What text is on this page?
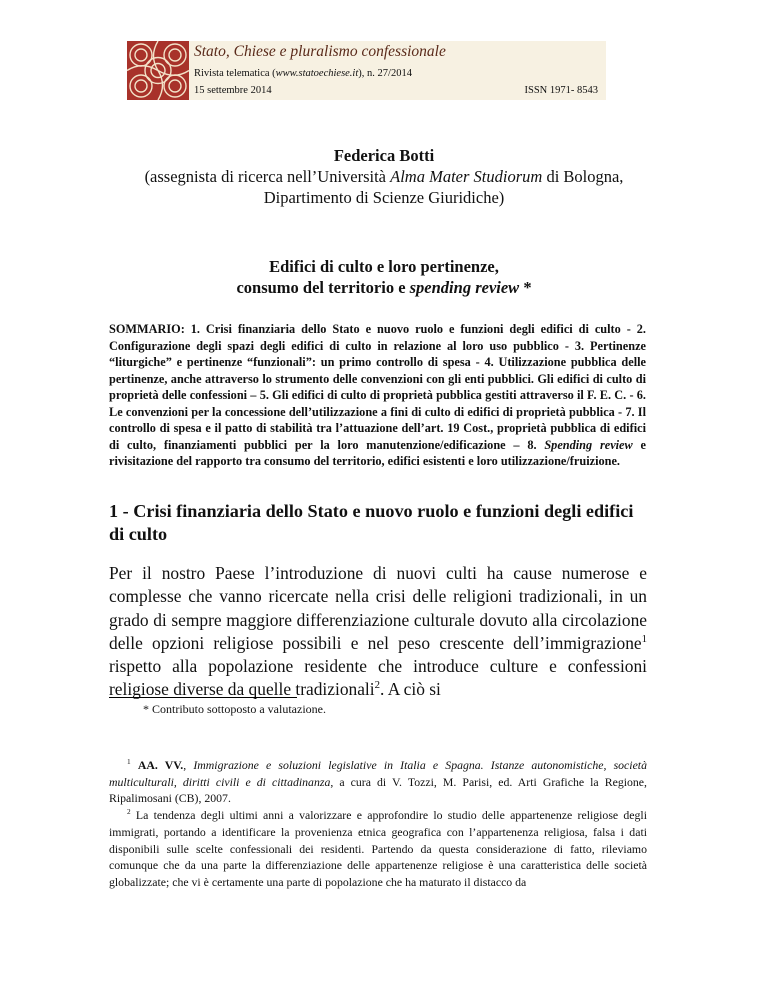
Stato, Chiese e pluralismo confessionale
Rivista telematica (www.statoechiese.it), n. 27/2014
15 settembre 2014	ISSN 1971- 8543
Federica Botti
(assegnista di ricerca nell’Università Alma Mater Studiorum di Bologna,
Dipartimento di Scienze Giuridiche)
Edifici di culto e loro pertinenze,
consumo del territorio e spending review *
SOMMARIO: 1. Crisi finanziaria dello Stato e nuovo ruolo e funzioni degli edifici di culto - 2. Configurazione degli spazi degli edifici di culto in relazione al loro uso pubblico - 3. Pertinenze “liturgiche” e pertinenze “funzionali”: un primo controllo di spesa - 4. Utilizzazione pubblica delle pertinenze, anche attraverso lo strumento delle convenzioni con gli enti pubblici. Gli edifici di culto di proprietà delle confessioni – 5. Gli edifici di culto di proprietà pubblica gestiti attraverso il F. E. C. - 6. Le convenzioni per la concessione dell’utilizzazione a fini di culto di edifici di proprietà pubblica - 7. Il controllo di spesa e il patto di stabilità tra l’attuazione dell’art. 19 Cost., proprietà pubblica di edifici di culto, finanziamenti pubblici per la loro manutenzione/edificazione – 8. Spending review e rivisitazione del rapporto tra consumo del territorio, edifici esistenti e loro utilizzazione/fruizione.
1 - Crisi finanziaria dello Stato e nuovo ruolo e funzioni degli edifici di culto
Per il nostro Paese l’introduzione di nuovi culti ha cause numerose e complesse che vanno ricercate nella crisi delle religioni tradizionali, in un grado di sempre maggiore differenziazione culturale dovuto alla circolazione delle opzioni religiose possibili e nel peso crescente dell’immigrazione$^1$ rispetto alla popolazione residente che introduce culture e confessioni religiose diverse da quelle tradizionali$^2$. A ciò si
* Contributo sottoposto a valutazione.
$^1$ AA. VV., Immigrazione e soluzioni legislative in Italia e Spagna. Istanze autonomistiche, società multiculturali, diritti civili e di cittadinanza, a cura di V. Tozzi, M. Parisi, ed. Arti Grafiche la Regione, Ripalimosani (CB), 2007.
$^2$ La tendenza degli ultimi anni a valorizzare e approfondire lo studio delle appartenenze religiose degli immigrati, portando a identificare la provenienza etnica geografica con l’appartenenza religiosa, falsa i dati disponibili sulle scelte confessionali dei residenti. Partendo da questa considerazione di fatto, rileviamo comunque che da una parte la differenziazione delle appartenenze religiose è una caratteristica delle società globalizzate; che vi è certamente una parte di popolazione che ha maturato il distacco da
